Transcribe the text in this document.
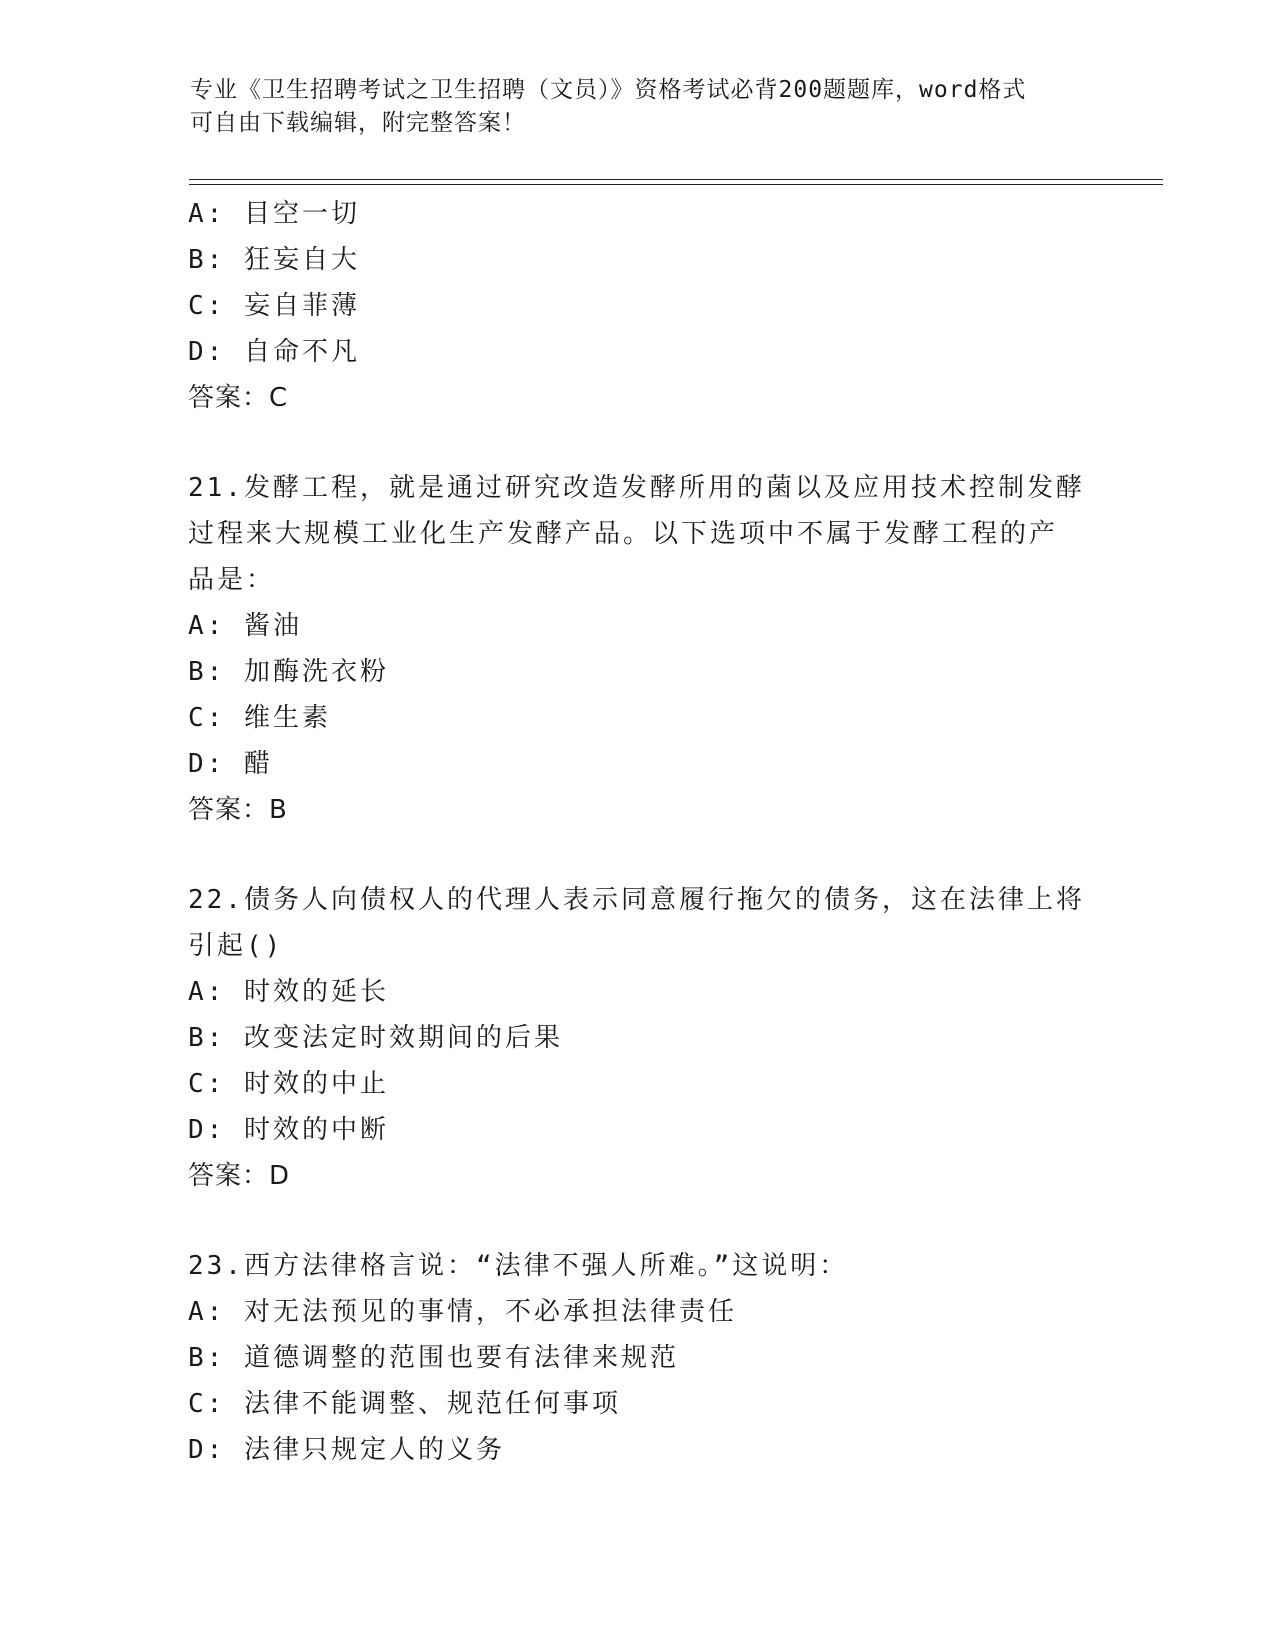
专业《卫生招聘考试之卫生招聘（文员）》资格考试必背200题题库，word格式
可自由下载编辑，附完整答案！
A: 目空一切
B: 狂妄自大
C: 妄自菲薄
D: 自命不凡
答案：C
21.发酵工程，就是通过研究改造发酵所用的菌以及应用技术控制发酵
过程来大规模工业化生产发酵产品。以下选项中不属于发酵工程的产
品是：
A: 酱油
B: 加酶洗衣粉
C: 维生素
D: 醋
答案：B
22.债务人向债权人的代理人表示同意履行拖欠的债务，这在法律上将
引起()
A: 时效的延长
B: 改变法定时效期间的后果
C: 时效的中止
D: 时效的中断
答案：D
23.西方法律格言说：“法律不强人所难。”这说明：
A: 对无法预见的事情，不必承担法律责任
B: 道德调整的范围也要有法律来规范
C: 法律不能调整、规范任何事项
D: 法律只规定人的义务
